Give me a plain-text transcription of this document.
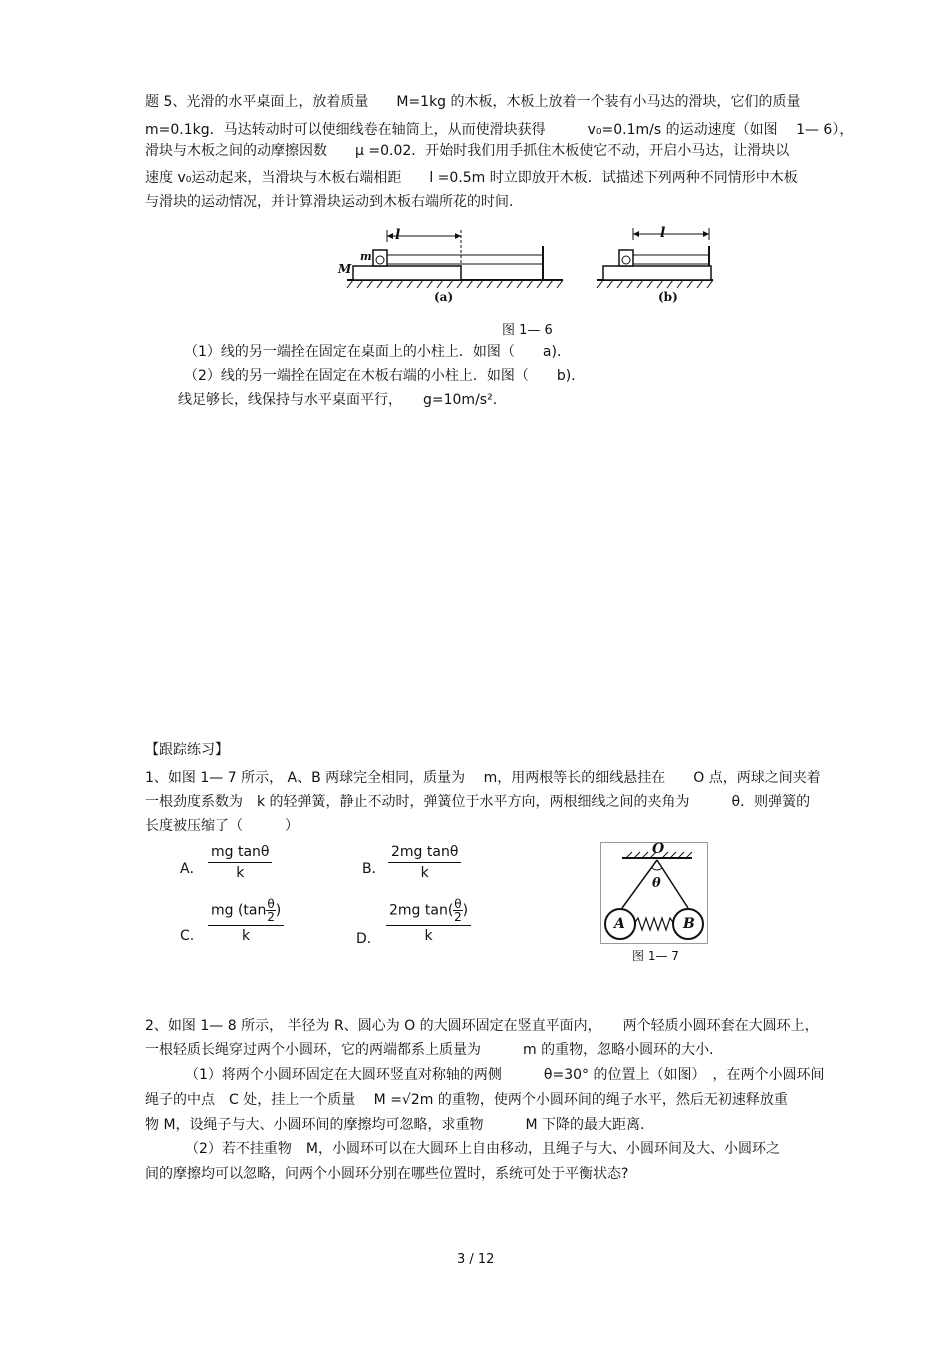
题 5、光滑的水平桌面上，放着质量　　M=1kg 的木板，木板上放着一个装有小马达的滑块，它们的质量
m=0.1kg．马达转动时可以使细线卷在轴筒上，从而使滑块获得　　　v₀=0.1m/s 的运动速度（如图　 1— 6），
滑块与木板之间的动摩擦因数　　μ =0.02．开始时我们用手抓住木板使它不动，开启小马达，让滑块以
速度 v₀运动起来，当滑块与木板右端相距　　l =0.5m 时立即放开木板．试描述下列两种不同情形中木板
与滑块的运动情况，并计算滑块运动到木板右端所花的时间.
l	l
M
m
(a)	(b)
图 1— 6
（1）线的另一端拴在固定在桌面上的小柱上．如图（　　a)．
（2）线的另一端拴在固定在木板右端的小柱上．如图（　　b)．
线足够长，线保持与水平桌面平行，　　g=10m/s².
【跟踪练习】
1、如图 1— 7 所示， A、B 两球完全相同，质量为　 m，用两根等长的细线悬挂在　　O 点，两球之间夹着
一根劲度系数为　k 的轻弹簧，静止不动时，弹簧位于水平方向，两根细线之间的夹角为　　　θ．则弹簧的
长度被压缩了（　　　）
A． $\frac{\text{mg tanθ}}{k}$	B． $\frac{\text{2mg tanθ}}{k}$
C. $\frac{mg (\tan \frac{\theta}{2} )}{k}$	D． $\frac{2mg \tan( \frac{\theta}{2} )}{k}$
O
θ
A	B
图 1— 7
2、如图 1— 8 所示， 半径为 R、圆心为 O 的大圆环固定在竖直平面内，　　两个轻质小圆环套在大圆环上，
一根轻质长绳穿过两个小圆环，它的两端都系上质量为　　　m 的重物，忽略小圆环的大小.
（1）将两个小圆环固定在大圆环竖直对称轴的两侧　　　θ=30° 的位置上（如图）　，在两个小圆环间
绳子的中点　C 处，挂上一个质量　 M =√2m 的重物，使两个小圆环间的绳子水平，然后无初速释放重
物 M，设绳子与大、小圆环间的摩擦均可忽略，求重物　　　M 下降的最大距离.
（2）若不挂重物　M，小圆环可以在大圆环上自由移动，且绳子与大、小圆环间及大、小圆环之
间的摩擦均可以忽略，问两个小圆环分别在哪些位置时，系统可处于平衡状态?
3 / 12
